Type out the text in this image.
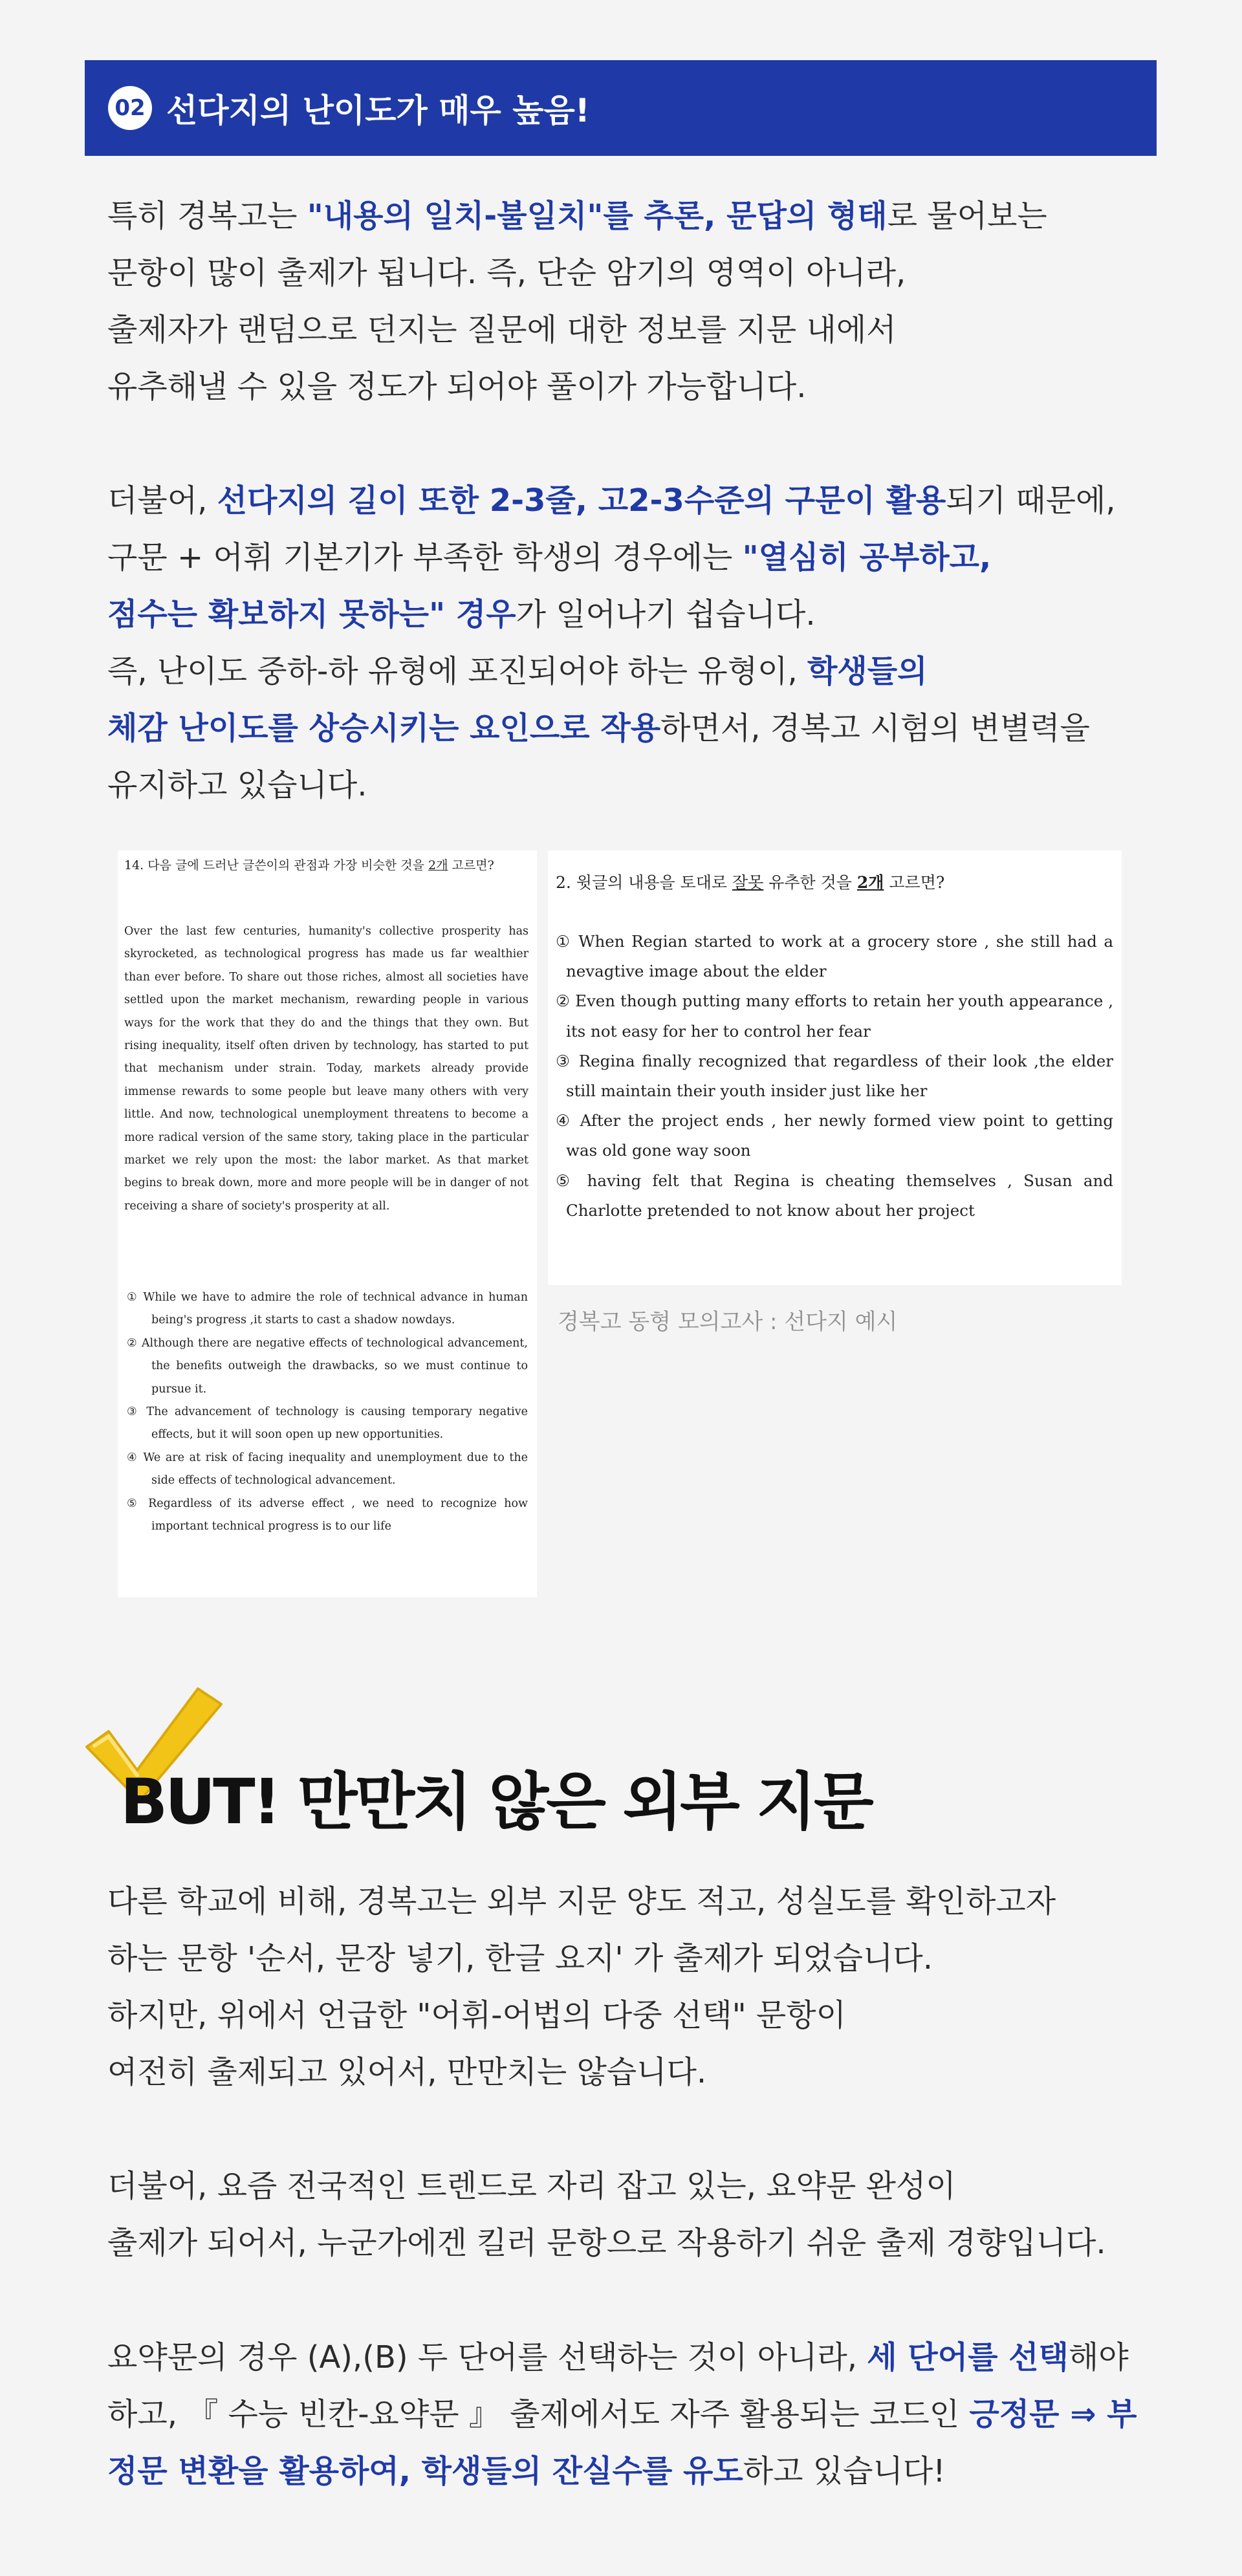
02 선다지의 난이도가 매우 높음!
특히 경복고는 "내용의 일치-불일치"를 추론, 문답의 형태로 물어보는
문항이 많이 출제가 됩니다. 즉, 단순 암기의 영역이 아니라,
출제자가 랜덤으로 던지는 질문에 대한 정보를 지문 내에서
유추해낼 수 있을 정도가 되어야 풀이가 가능합니다.
더불어, 선다지의 길이 또한 2-3줄, 고2-3수준의 구문이 활용되기 때문에,
구문 + 어휘 기본기가 부족한 학생의 경우에는 "열심히 공부하고,
점수는 확보하지 못하는" 경우가 일어나기 쉽습니다.
즉, 난이도 중하-하 유형에 포진되어야 하는 유형이, 학생들의
체감 난이도를 상승시키는 요인으로 작용하면서, 경복고 시험의 변별력을
유지하고 있습니다.
14. 다음 글에 드러난 글쓴이의 관점과 가장 비슷한 것을 2개 고르면?
Over the last few centuries, humanity's collective prosperity has skyrocketed, as technological progress has made us far wealthier than ever before. To share out those riches, almost all societies have settled upon the market mechanism, rewarding people in various ways for the work that they do and the things that they own. But rising inequality, itself often driven by technology, has started to put that mechanism under strain. Today, markets already provide immense rewards to some people but leave many others with very little. And now, technological unemployment threatens to become a more radical version of the same story, taking place in the particular market we rely upon the most: the labor market. As that market begins to break down, more and more people will be in danger of not receiving a share of society's prosperity at all.
① While we have to admire the role of technical advance in human being's progress ,it starts to cast a shadow nowdays.
② Although there are negative effects of technological advancement, the benefits outweigh the drawbacks, so we must continue to pursue it.
③ The advancement of technology is causing temporary negative effects, but it will soon open up new opportunities.
④ We are at risk of facing inequality and unemployment due to the side effects of technological advancement.
⑤ Regardless of its adverse effect , we need to recognize how important technical progress is to our life
2. 윗글의 내용을 토대로 잘못 유추한 것을 2개 고르면?
① When Regian started to work at a grocery store , she still had a nevagtive image about the elder
② Even though putting many efforts to retain her youth appearance , its not easy for her to control her fear
③ Regina finally recognized that regardless of their look ,the elder still maintain their youth insider just like her
④ After the project ends , her newly formed view point to getting was old gone way soon
⑤ having felt that Regina is cheating themselves , Susan and Charlotte pretended to not know about her project
경복고 동형 모의고사 : 선다지 예시
BUT! 만만치 않은 외부 지문
다른 학교에 비해, 경복고는 외부 지문 양도 적고, 성실도를 확인하고자
하는 문항 '순서, 문장 넣기, 한글 요지' 가 출제가 되었습니다.
하지만, 위에서 언급한 "어휘-어법의 다중 선택" 문항이
여전히 출제되고 있어서, 만만치는 않습니다.
더불어, 요즘 전국적인 트렌드로 자리 잡고 있는, 요약문 완성이
출제가 되어서, 누군가에겐 킬러 문항으로 작용하기 쉬운 출제 경향입니다.
요약문의 경우 (A),(B) 두 단어를 선택하는 것이 아니라, 세 단어를 선택해야
하고, 『 수능 빈칸-요약문 』 출제에서도 자주 활용되는 코드인 긍정문 ⇒ 부
정문 변환을 활용하여, 학생들의 잔실수를 유도하고 있습니다!
